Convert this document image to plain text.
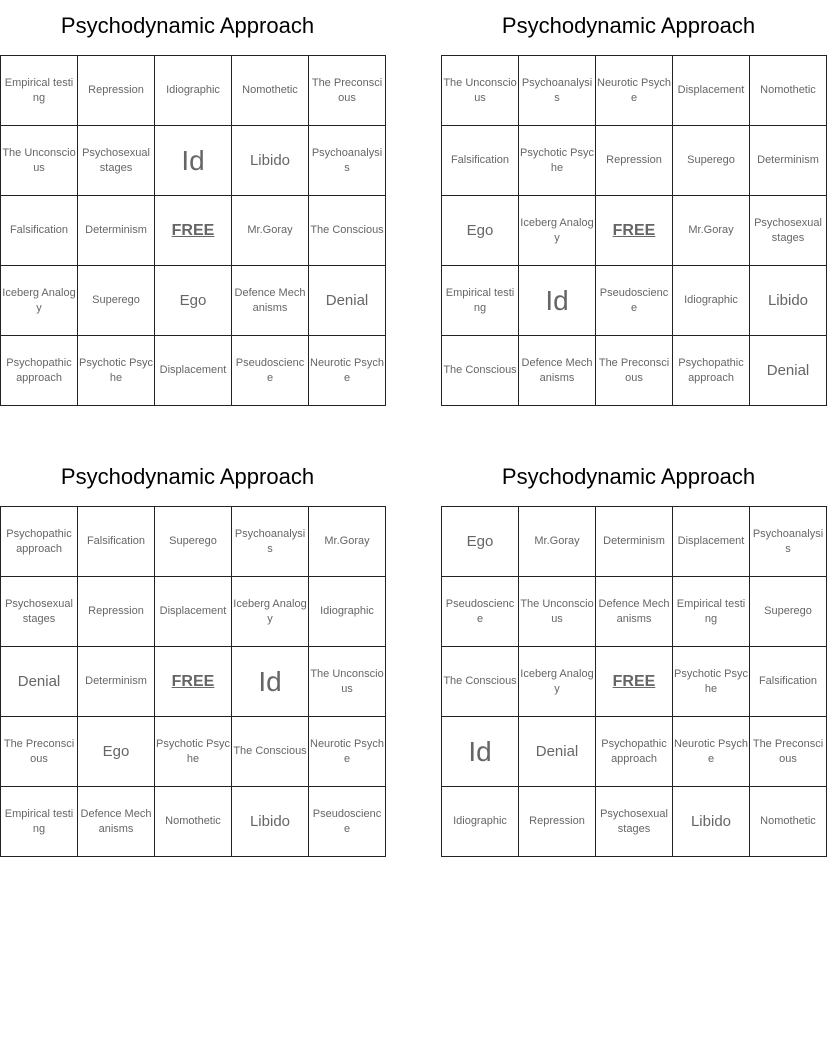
Psychodynamic Approach
Empirical testing	Repression	Idiographic	Nomothetic	The Preconscious
The Unconscious	Psychosexual stages	Id	Libido	Psychoanalysis
Falsification	Determinism	FREE	Mr.Goray	The Conscious
Iceberg Analogy	Superego	Ego	Defence Mechanisms	Denial
Psychopathic approach	Psychotic Psyche	Displacement	Pseudoscience	Neurotic Psyche
Psychodynamic Approach
The Unconscious	Psychoanalysis	Neurotic Psyche	Displacement	Nomothetic
Falsification	Psychotic Psyche	Repression	Superego	Determinism
Ego	Iceberg Analogy	FREE	Mr.Goray	Psychosexual stages
Empirical testing	Id	Pseudoscience	Idiographic	Libido
The Conscious	Defence Mechanisms	The Preconscious	Psychopathic approach	Denial
Psychodynamic Approach
Psychopathic approach	Falsification	Superego	Psychoanalysis	Mr.Goray
Psychosexual stages	Repression	Displacement	Iceberg Analogy	Idiographic
Denial	Determinism	FREE	Id	The Unconscious
The Preconscious	Ego	Psychotic Psyche	The Conscious	Neurotic Psyche
Empirical testing	Defence Mechanisms	Nomothetic	Libido	Pseudoscience
Psychodynamic Approach
Ego	Mr.Goray	Determinism	Displacement	Psychoanalysis
Pseudoscience	The Unconscious	Defence Mechanisms	Empirical testing	Superego
The Conscious	Iceberg Analogy	FREE	Psychotic Psyche	Falsification
Id	Denial	Psychopathic approach	Neurotic Psyche	The Preconscious
Idiographic	Repression	Psychosexual stages	Libido	Nomothetic
